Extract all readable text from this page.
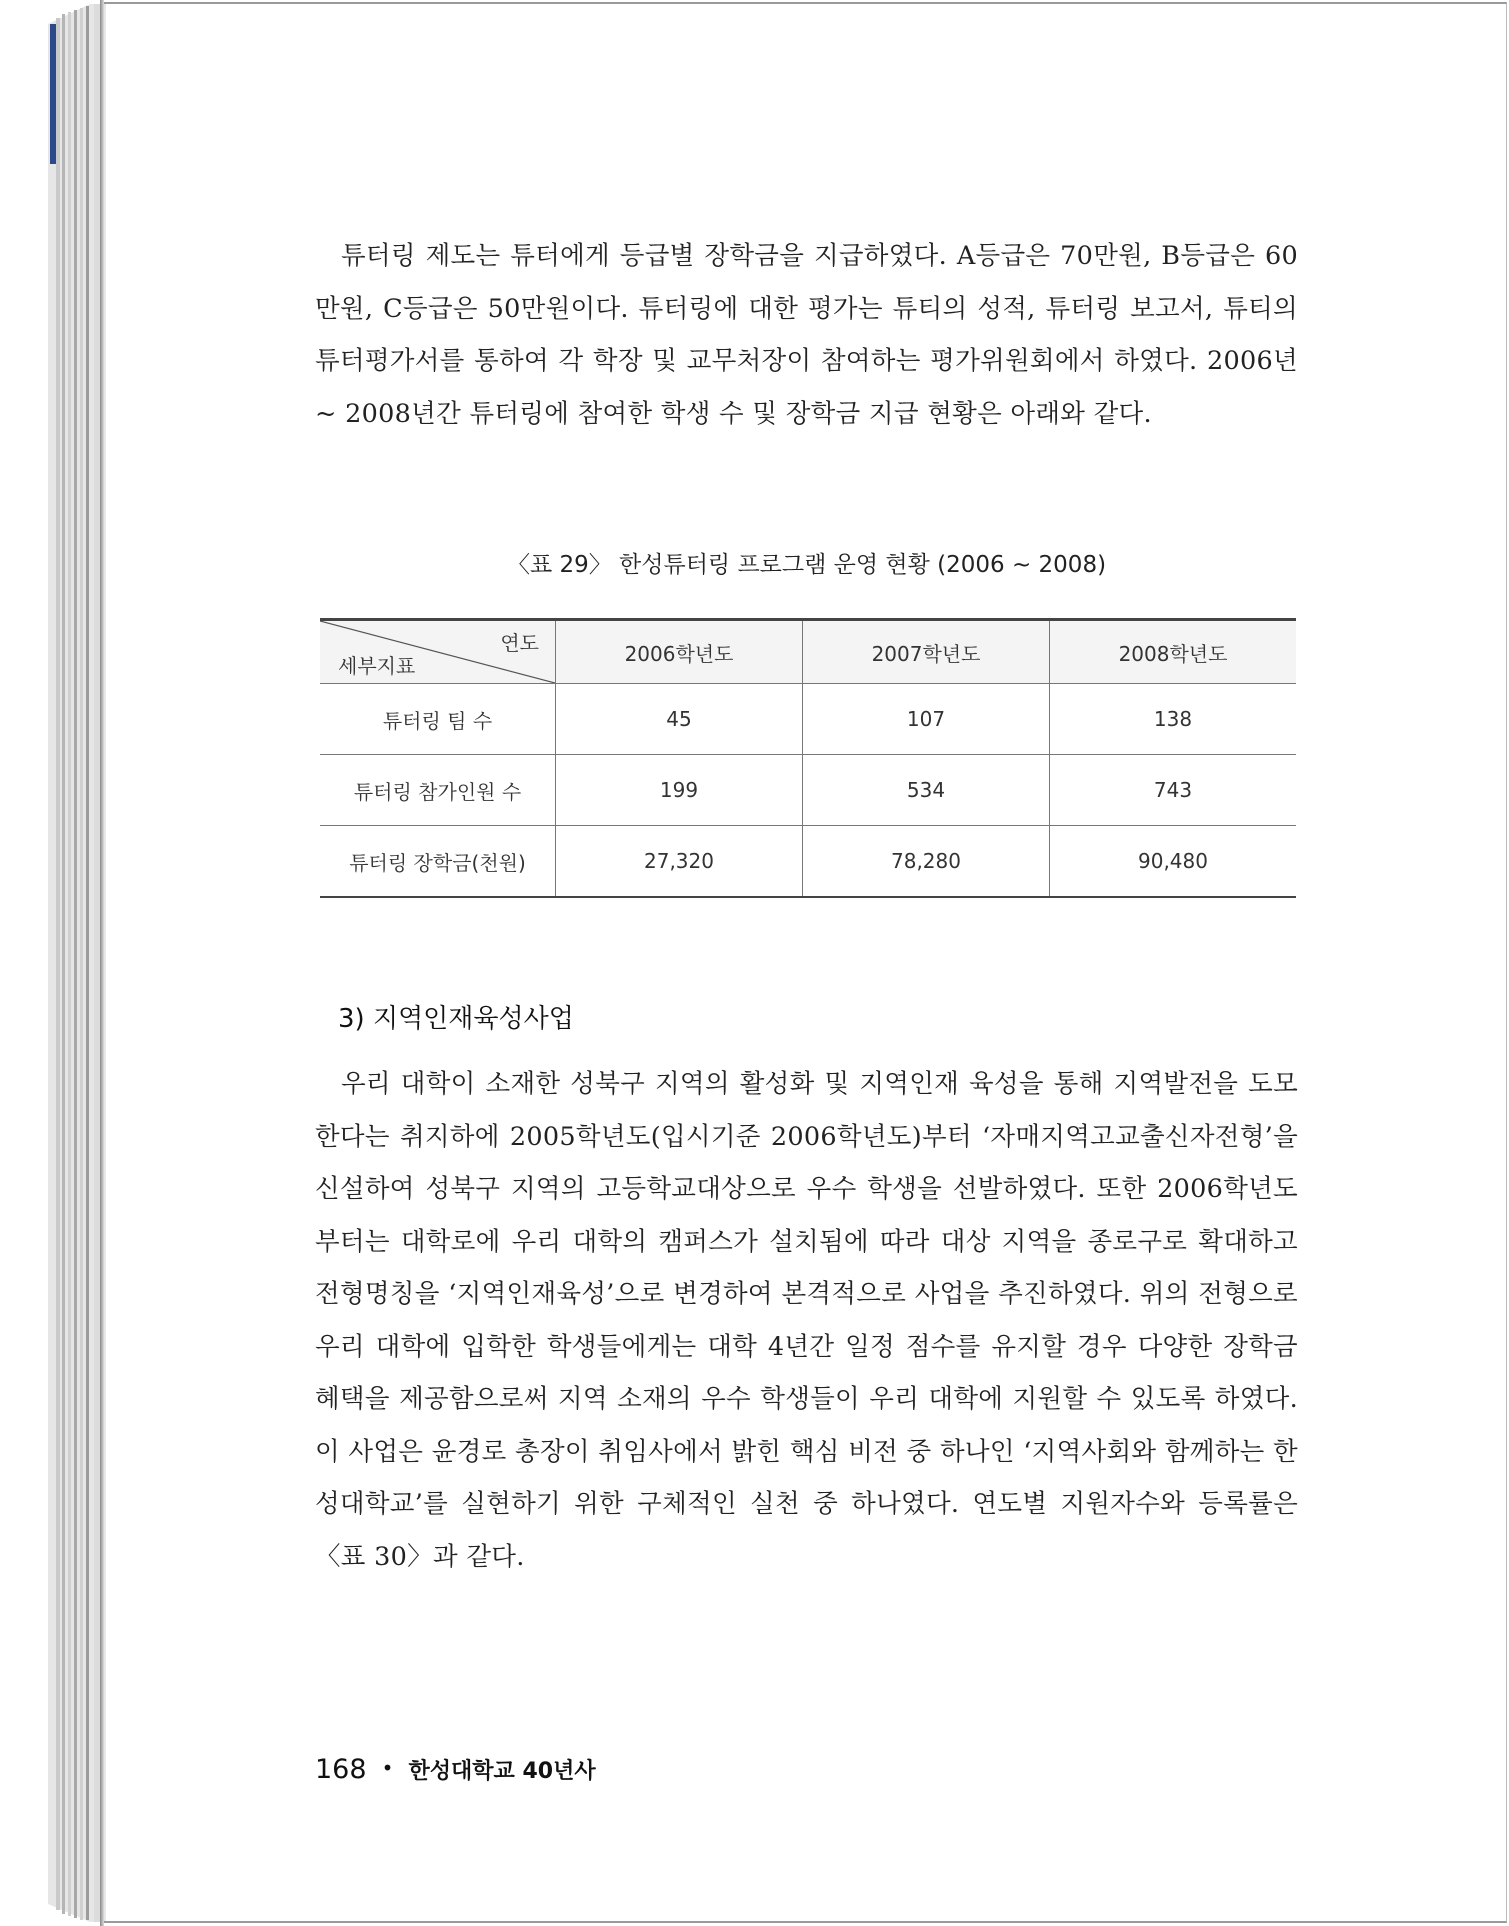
튜터링 제도는 튜터에게 등급별 장학금을 지급하였다. A등급은 70만원, B등급은 60만원, C등급은 50만원이다. 튜터링에 대한 평가는 튜티의 성적, 튜터링 보고서, 튜티의 튜터평가서를 통하여 각 학장 및 교무처장이 참여하는 평가위원회에서 하였다. 2006년 ~ 2008년간 튜터링에 참여한 학생 수 및 장학금 지급 현황은 아래와 같다.

〈표 29〉 한성튜터링 프로그램 운영 현황 (2006 ~ 2008)
연도
세부지표	2006학년도	2007학년도	2008학년도
튜터링 팀 수	45	107	138
튜터링 참가인원 수	199	534	743
튜터링 장학금(천원)	27,320	78,280	90,480
3) 지역인재육성사업

우리 대학이 소재한 성북구 지역의 활성화 및 지역인재 육성을 통해 지역발전을 도모한다는 취지하에 2005학년도(입시기준 2006학년도)부터 ‘자매지역고교출신자전형’을 신설하여 성북구 지역의 고등학교대상으로 우수 학생을 선발하였다. 또한 2006학년도부터는 대학로에 우리 대학의 캠퍼스가 설치됨에 따라 대상 지역을 종로구로 확대하고 전형명칭을 ‘지역인재육성’으로 변경하여 본격적으로 사업을 추진하였다. 위의 전형으로 우리 대학에 입학한 학생들에게는 대학 4년간 일정 점수를 유지할 경우 다양한 장학금 혜택을 제공함으로써 지역 소재의 우수 학생들이 우리 대학에 지원할 수 있도록 하였다. 이 사업은 윤경로 총장이 취임사에서 밝힌 핵심 비전 중 하나인 ‘지역사회와 함께하는 한성대학교’를 실현하기 위한 구체적인 실천 중 하나였다. 연도별 지원자수와 등록률은 〈표 30〉과 같다.

168 • 한성대학교 40년사
